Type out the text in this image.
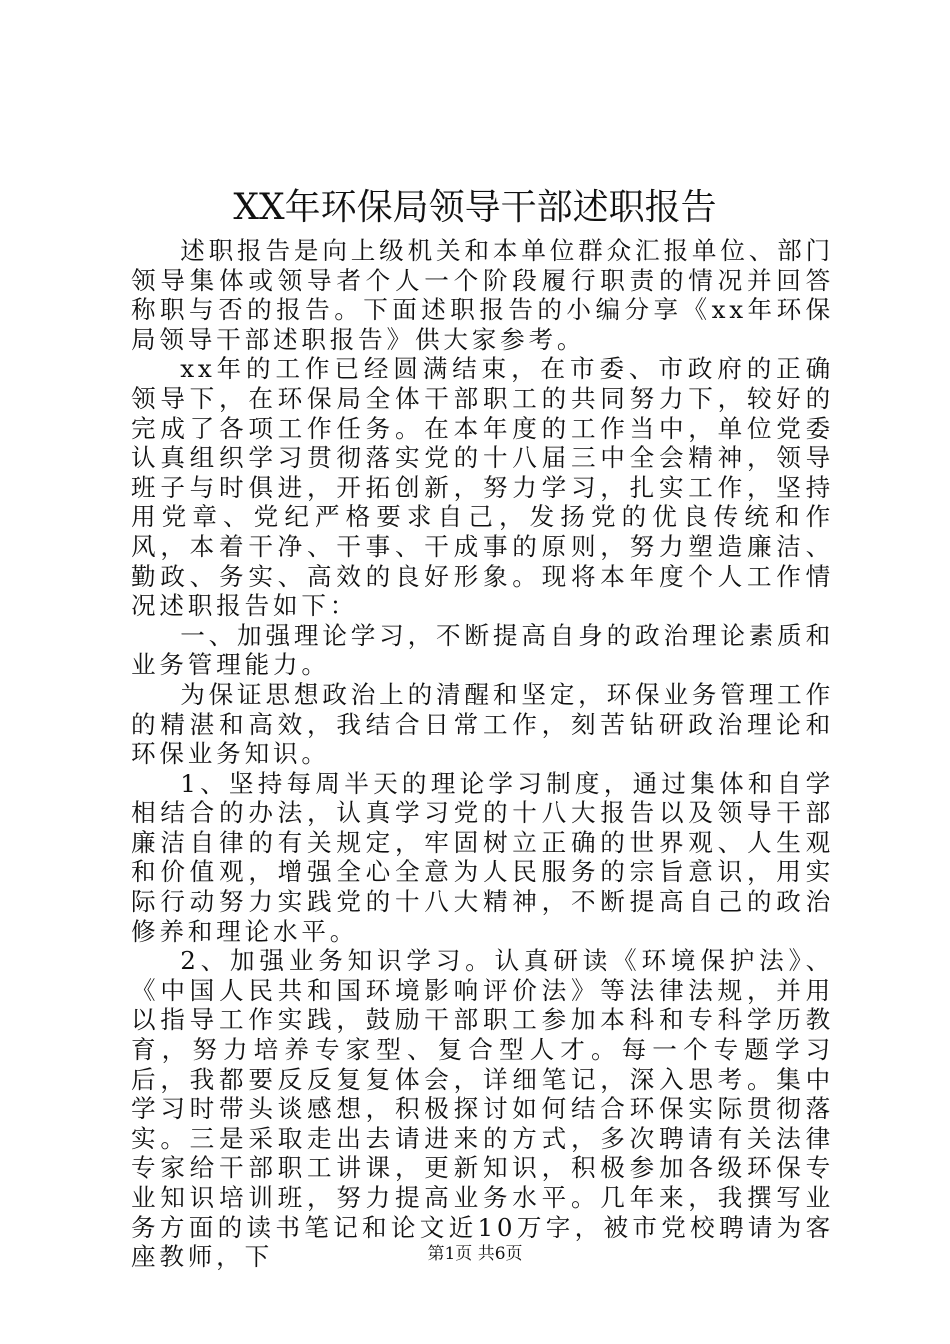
XX年环保局领导干部述职报告

述职报告是向上级机关和本单位群众汇报单位、部门领导集体或领导者个人一个阶段履行职责的情况并回答称职与否的报告。下面述职报告的小编分享《xx年环保局领导干部述职报告》供大家参考。

xx年的工作已经圆满结束，在市委、市政府的正确领导下，在环保局全体干部职工的共同努力下，较好的完成了各项工作任务。在本年度的工作当中，单位党委认真组织学习贯彻落实党的十八届三中全会精神，领导班子与时俱进，开拓创新，努力学习，扎实工作，坚持用党章、党纪严格要求自己，发扬党的优良传统和作风，本着干净、干事、干成事的原则，努力塑造廉洁、勤政、务实、高效的良好形象。现将本年度个人工作情况述职报告如下：

一、加强理论学习，不断提高自身的政治理论素质和业务管理能力。

为保证思想政治上的清醒和坚定，环保业务管理工作的精湛和高效，我结合日常工作，刻苦钻研政治理论和环保业务知识。

1、坚持每周半天的理论学习制度，通过集体和自学相结合的办法，认真学习党的十八大报告以及领导干部廉洁自律的有关规定，牢固树立正确的世界观、人生观和价值观，增强全心全意为人民服务的宗旨意识，用实际行动努力实践党的十八大精神，不断提高自己的政治修养和理论水平。

2、加强业务知识学习。认真研读《环境保护法》、《中国人民共和国环境影响评价法》等法律法规，并用以指导工作实践，鼓励干部职工参加本科和专科学历教育，努力培养专家型、复合型人才。每一个专题学习后，我都要反反复复体会，详细笔记，深入思考。集中学习时带头谈感想，积极探讨如何结合环保实际贯彻落实。三是采取走出去请进来的方式，多次聘请有关法律专家给干部职工讲课，更新知识，积极参加各级环保专业知识培训班，努力提高业务水平。几年来，我撰写业务方面的读书笔记和论文近10万字，被市党校聘请为客座教师，下	第1页 共6页
